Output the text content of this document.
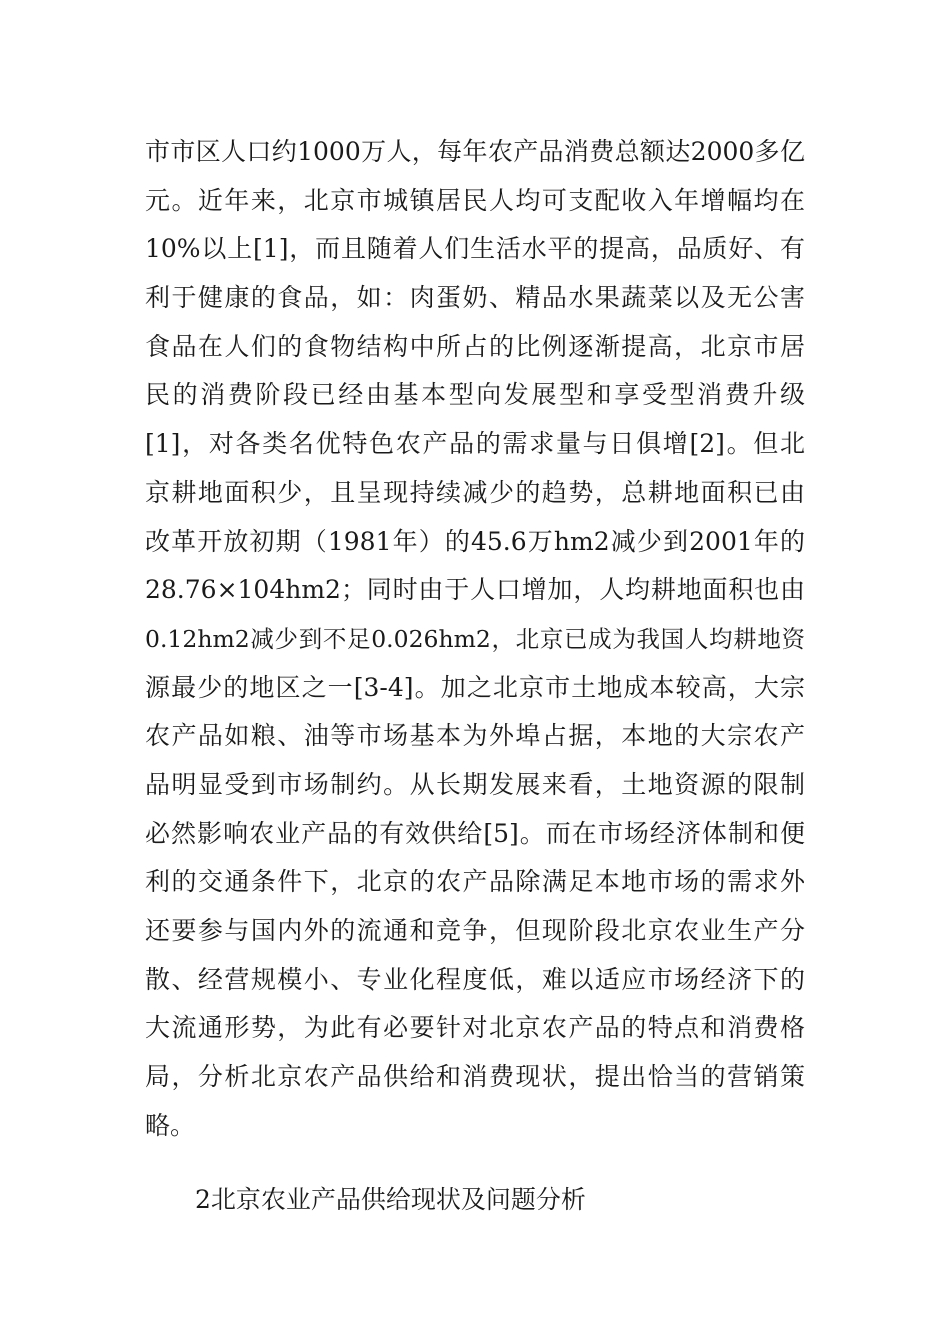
市市区人口约1000万人，每年农产品消费总额达2000多亿
元。近年来，北京市城镇居民人均可支配收入年增幅均在
10%以上[1]，而且随着人们生活水平的提高，品质好、有
利于健康的食品，如：肉蛋奶、精品水果蔬菜以及无公害
食品在人们的食物结构中所占的比例逐渐提高，北京市居
民的消费阶段已经由基本型向发展型和享受型消费升级
[1]，对各类名优特色农产品的需求量与日俱增[2]。但北
京耕地面积少，且呈现持续减少的趋势，总耕地面积已由
改革开放初期（1981年）的45.6万hm2减少到2001年的
28.76×104hm2；同时由于人口增加，人均耕地面积也由
0.12hm2减少到不足0.026hm2，北京已成为我国人均耕地资
源最少的地区之一[3-4]。加之北京市土地成本较高，大宗
农产品如粮、油等市场基本为外埠占据，本地的大宗农产
品明显受到市场制约。从长期发展来看，土地资源的限制
必然影响农业产品的有效供给[5]。而在市场经济体制和便
利的交通条件下，北京的农产品除满足本地市场的需求外
还要参与国内外的流通和竞争，但现阶段北京农业生产分
散、经营规模小、专业化程度低，难以适应市场经济下的
大流通形势，为此有必要针对北京农产品的特点和消费格
局，分析北京农产品供给和消费现状，提出恰当的营销策
略。
2北京农业产品供给现状及问题分析
